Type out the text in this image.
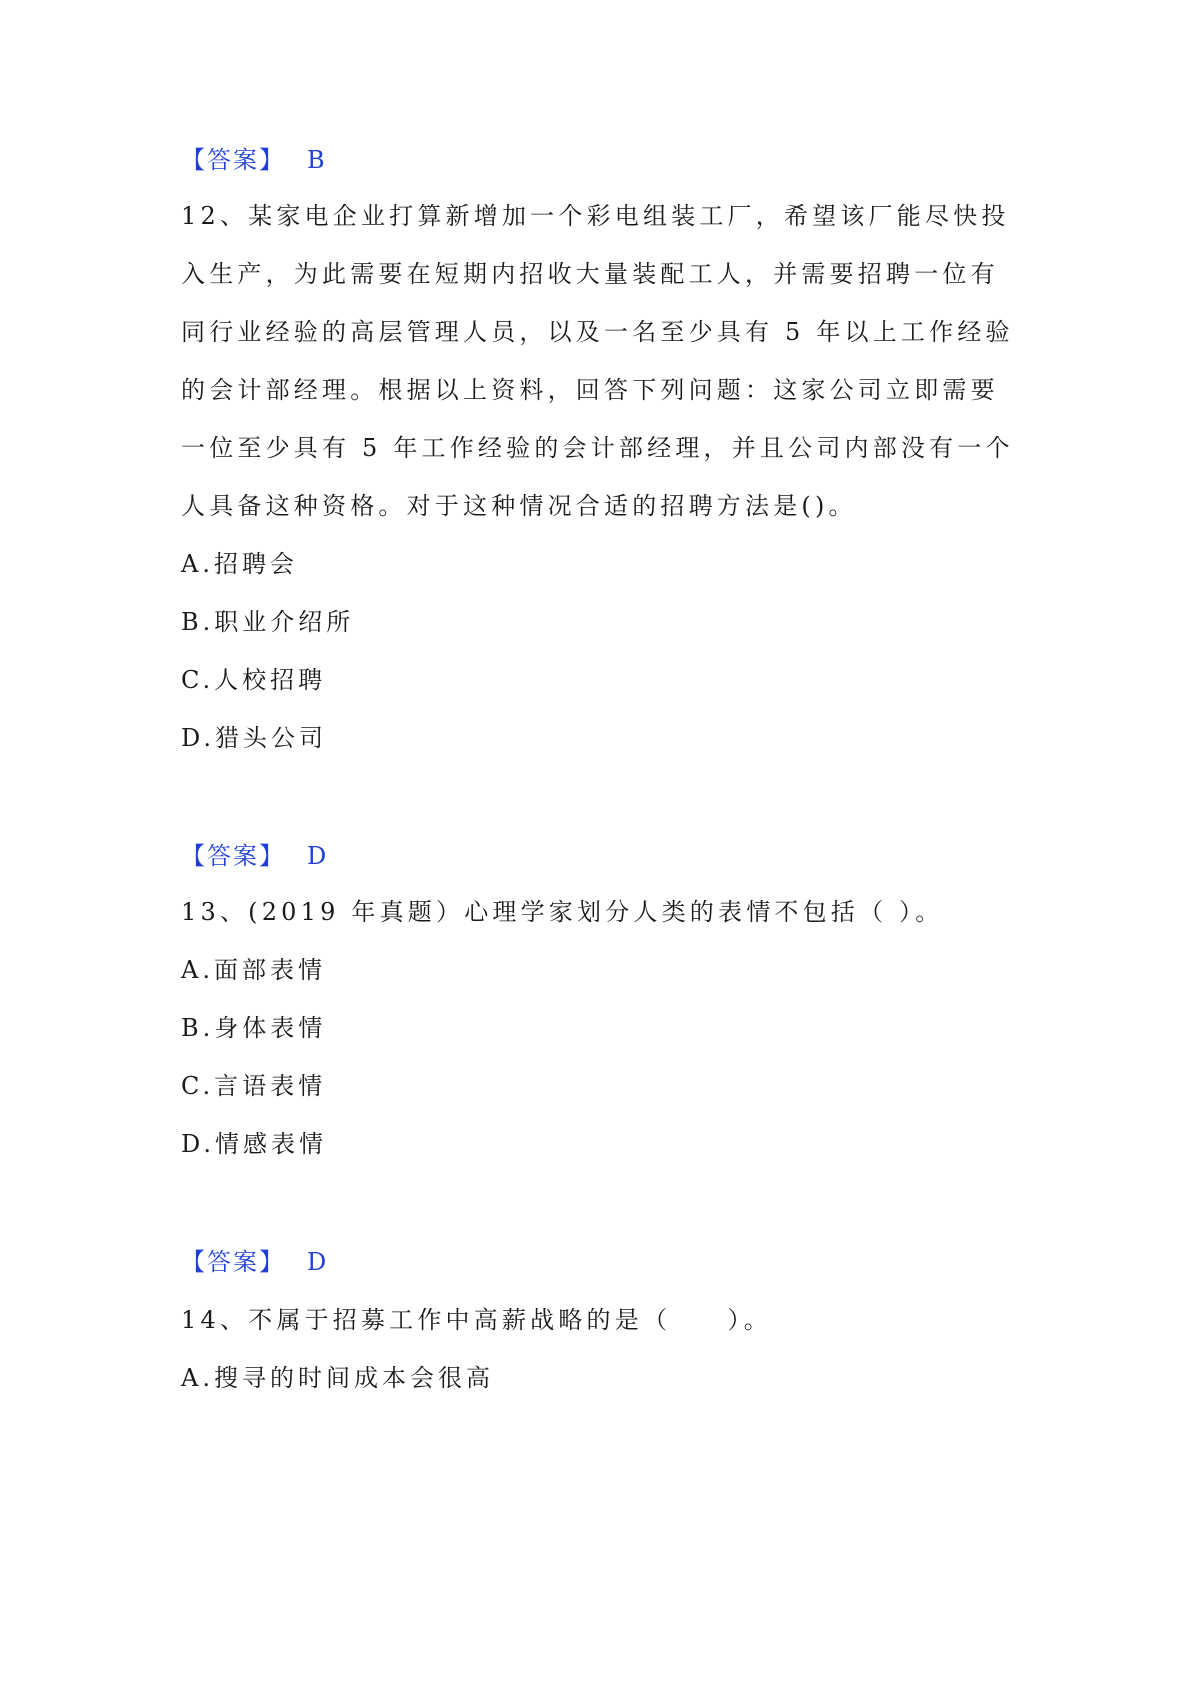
【答案】 B
12、某家电企业打算新增加一个彩电组装工厂，希望该厂能尽快投
入生产，为此需要在短期内招收大量装配工人，并需要招聘一位有
同行业经验的高层管理人员，以及一名至少具有 5 年以上工作经验
的会计部经理。根据以上资料，回答下列问题：这家公司立即需要
一位至少具有 5 年工作经验的会计部经理，并且公司内部没有一个
人具备这种资格。对于这种情况合适的招聘方法是()。
A.招聘会
B.职业介绍所
C.人校招聘
D.猎头公司
【答案】 D
13、(2019 年真题）心理学家划分人类的表情不包括（ ）。
A.面部表情
B.身体表情
C.言语表情
D.情感表情
【答案】 D
14、不属于招募工作中高薪战略的是（　　）。
A.搜寻的时间成本会很高
